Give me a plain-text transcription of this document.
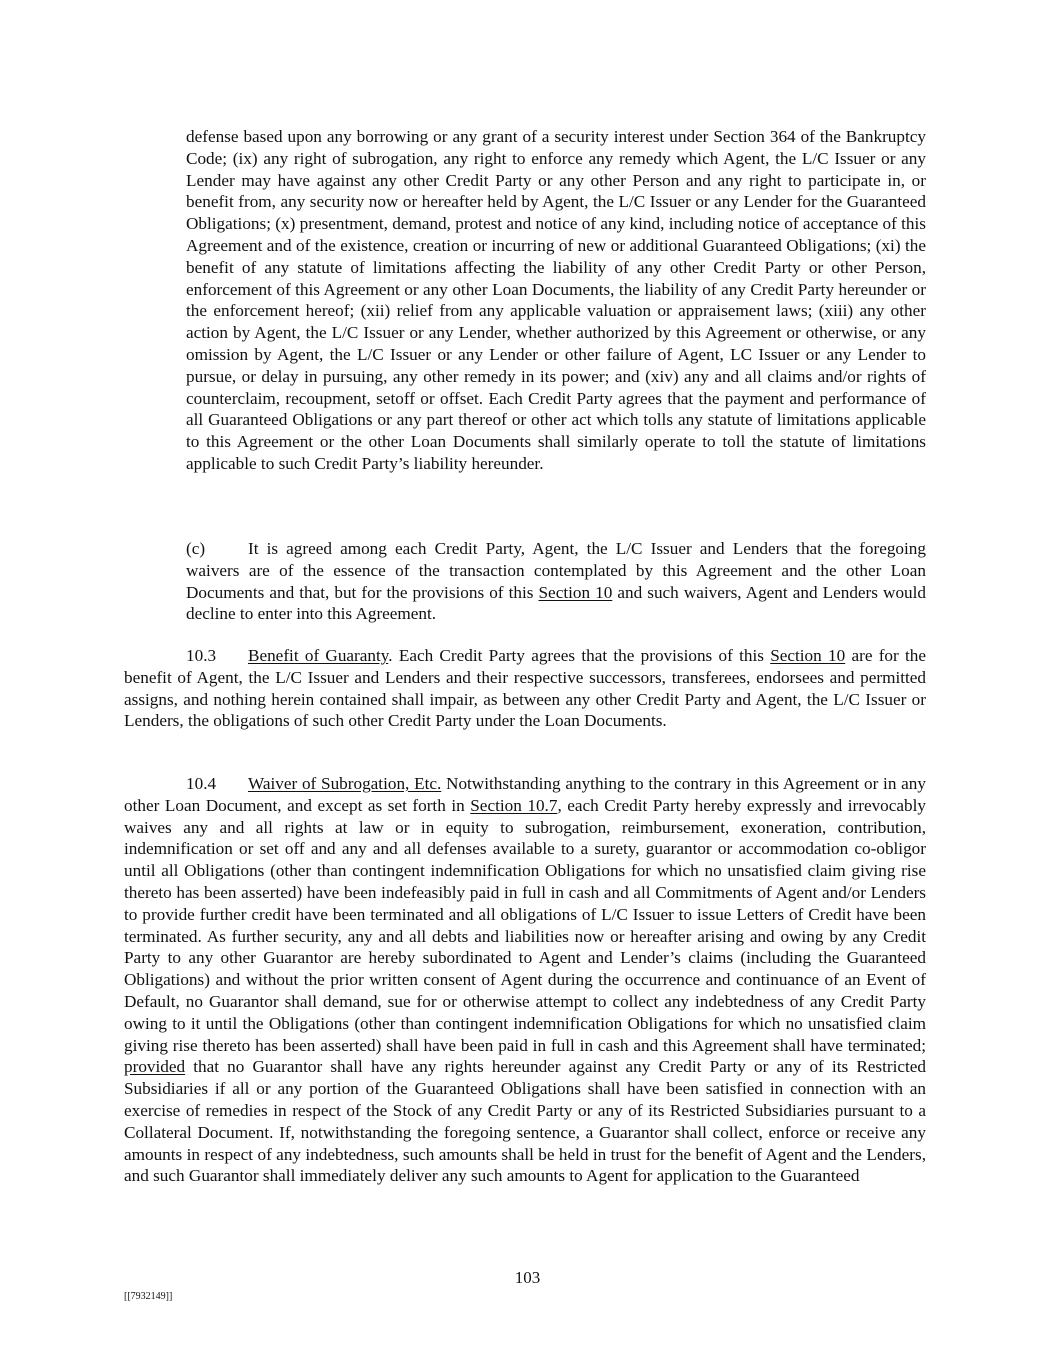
defense based upon any borrowing or any grant of a security interest under Section 364 of the Bankruptcy Code; (ix) any right of subrogation, any right to enforce any remedy which Agent, the L/C Issuer or any Lender may have against any other Credit Party or any other Person and any right to participate in, or benefit from, any security now or hereafter held by Agent, the L/C Issuer or any Lender for the Guaranteed Obligations; (x) presentment, demand, protest and notice of any kind, including notice of acceptance of this Agreement and of the existence, creation or incurring of new or additional Guaranteed Obligations; (xi) the benefit of any statute of limitations affecting the liability of any other Credit Party or other Person, enforcement of this Agreement or any other Loan Documents, the liability of any Credit Party hereunder or the enforcement hereof; (xii) relief from any applicable valuation or appraisement laws; (xiii) any other action by Agent, the L/C Issuer or any Lender, whether authorized by this Agreement or otherwise, or any omission by Agent, the L/C Issuer or any Lender or other failure of Agent, LC Issuer or any Lender to pursue, or delay in pursuing, any other remedy in its power; and (xiv) any and all claims and/or rights of counterclaim, recoupment, setoff or offset. Each Credit Party agrees that the payment and performance of all Guaranteed Obligations or any part thereof or other act which tolls any statute of limitations applicable to this Agreement or the other Loan Documents shall similarly operate to toll the statute of limitations applicable to such Credit Party’s liability hereunder.

(c) It is agreed among each Credit Party, Agent, the L/C Issuer and Lenders that the foregoing waivers are of the essence of the transaction contemplated by this Agreement and the other Loan Documents and that, but for the provisions of this Section 10 and such waivers, Agent and Lenders would decline to enter into this Agreement.

10.3 Benefit of Guaranty. Each Credit Party agrees that the provisions of this Section 10 are for the benefit of Agent, the L/C Issuer and Lenders and their respective successors, transferees, endorsees and permitted assigns, and nothing herein contained shall impair, as between any other Credit Party and Agent, the L/C Issuer or Lenders, the obligations of such other Credit Party under the Loan Documents.

10.4 Waiver of Subrogation, Etc. Notwithstanding anything to the contrary in this Agreement or in any other Loan Document, and except as set forth in Section 10.7, each Credit Party hereby expressly and irrevocably waives any and all rights at law or in equity to subrogation, reimbursement, exoneration, contribution, indemnification or set off and any and all defenses available to a surety, guarantor or accommodation co-obligor until all Obligations (other than contingent indemnification Obligations for which no unsatisfied claim giving rise thereto has been asserted) have been indefeasibly paid in full in cash and all Commitments of Agent and/or Lenders to provide further credit have been terminated and all obligations of L/C Issuer to issue Letters of Credit have been terminated. As further security, any and all debts and liabilities now or hereafter arising and owing by any Credit Party to any other Guarantor are hereby subordinated to Agent and Lender’s claims (including the Guaranteed Obligations) and without the prior written consent of Agent during the occurrence and continuance of an Event of Default, no Guarantor shall demand, sue for or otherwise attempt to collect any indebtedness of any Credit Party owing to it until the Obligations (other than contingent indemnification Obligations for which no unsatisfied claim giving rise thereto has been asserted) shall have been paid in full in cash and this Agreement shall have terminated; provided that no Guarantor shall have any rights hereunder against any Credit Party or any of its Restricted Subsidiaries if all or any portion of the Guaranteed Obligations shall have been satisfied in connection with an exercise of remedies in respect of the Stock of any Credit Party or any of its Restricted Subsidiaries pursuant to a Collateral Document. If, notwithstanding the foregoing sentence, a Guarantor shall collect, enforce or receive any amounts in respect of any indebtedness, such amounts shall be held in trust for the benefit of Agent and the Lenders, and such Guarantor shall immediately deliver any such amounts to Agent for application to the Guaranteed

103

[[7932149]]
